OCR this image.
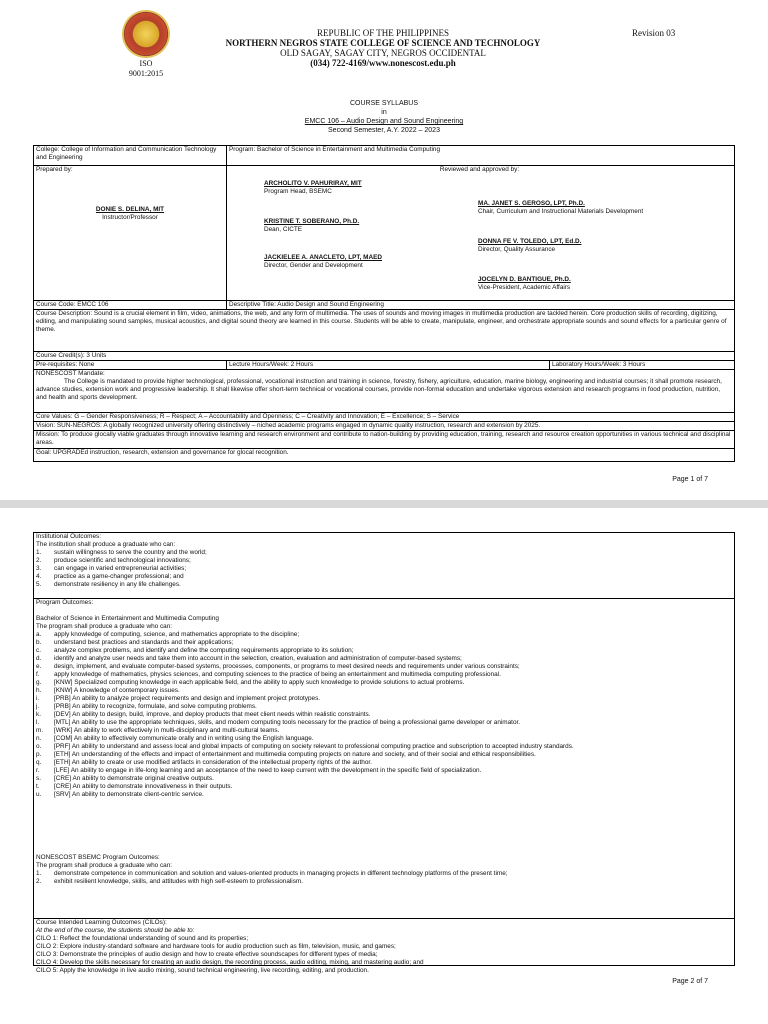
ISO 9001:2015
REPUBLIC OF THE PHILIPPINES
NORTHERN NEGROS STATE COLLEGE OF SCIENCE AND TECHNOLOGY
OLD SAGAY, SAGAY CITY, NEGROS OCCIDENTAL
(034) 722-4169/www.nonescost.edu.ph
Revision 03
COURSE SYLLABUS
in
EMCC 106 – Audio Design and Sound Engineering
Second Semester, A.Y. 2022 – 2023
College: College of Information and Communication Technology and Engineering
Program: Bachelor of Science in Entertainment and Multimedia Computing
Prepared by:
DONIE S. DELINA, MIT
Instructor/Professor
Reviewed and approved by:
ARCHOLITO V. PAHURIRAY, MIT
Program Head, BSEMC
KRISTINE T. SOBERANO, Ph.D.
Dean, CICTE
JACKIELEE A. ANACLETO, LPT, MAED
Director, Gender and Development
MA. JANET S. GEROSO, LPT, Ph.D.
Chair, Curriculum and Instructional Materials Development
DONNA FE V. TOLEDO, LPT, Ed.D.
Director, Quality Assurance
JOCELYN D. BANTIGUE, Ph.D.
Vice-President, Academic Affairs
Course Code: EMCC 106	Descriptive Title: Audio Design and Sound Engineering
Course Description: Sound is a crucial element in film, video, animations, the web, and any form of multimedia. The uses of sounds and moving images in multimedia production are tackled herein. Core production skills of recording, digitizing, editing, and manipulating sound samples, musical acoustics, and digital sound theory are learned in this course. Students will be able to create, manipulate, engineer, and orchestrate appropriate sounds and sound effects for a particular genre of theme.
Course Credit(s): 3 Units
Pre-requisites: None	Lecture Hours/Week: 2 Hours	Laboratory Hours/Week: 3 Hours
NONESCOST Mandate:
The College is mandated to provide higher technological, professional, vocational instruction and training in science, forestry, fishery, agriculture, education, marine biology, engineering and industrial courses; it shall promote research, advance studies, extension work and progressive leadership. It shall likewise offer short-term technical or vocational courses, provide non-formal education and undertake vigorous extension and research programs in food production, nutrition, and health and sports development.
Core Values: G – Gender Responsiveness; R – Respect; A – Accountability and Openness; C – Creativity and Innovation; E – Excellence; S – Service
Vision: SUN-NEGROS: A globally recognized university offering distinctively – niched academic programs engaged in dynamic quality instruction, research and extension by 2025.
Mission: To produce glocally viable graduates through innovative learning and research environment and contribute to nation-building by providing education, training, research and resource creation opportunities in various technical and disciplinal areas.
Goal: UPGRADEd instruction, research, extension and governance for glocal recognition.
Page 1 of 7
Institutional Outcomes:
The institution shall produce a graduate who can:
1.	sustain willingness to serve the country and the world;
2.	produce scientific and technological innovations;
3.	can engage in varied entrepreneurial activities;
4.	practice as a game-changer professional; and
5.	demonstrate resiliency in any life challenges.
Program Outcomes:
Bachelor of Science in Entertainment and Multimedia Computing
The program shall produce a graduate who can:
a.	apply knowledge of computing, science, and mathematics appropriate to the discipline;
b.	understand best practices and standards and their applications;
c.	analyze complex problems, and identify and define the computing requirements appropriate to its solution;
d.	identify and analyze user needs and take them into account in the selection, creation, evaluation and administration of computer-based systems;
e.	design, implement, and evaluate computer-based systems, processes, components, or programs to meet desired needs and requirements under various constraints;
f.	apply knowledge of mathematics, physics sciences, and computing sciences to the practice of being an entertainment and multimedia computing professional.
g.	[KNW] Specialized computing knowledge in each applicable field, and the ability to apply such knowledge to provide solutions to actual problems.
h.	[KNW] A knowledge of contemporary issues.
i.	[PRB] An ability to analyze project requirements and design and implement project prototypes.
j.	[PRB] An ability to recognize, formulate, and solve computing problems.
k.	[DEV] An ability to design, build, improve, and deploy products that meet client needs within realistic constraints.
l.	[MTL] An ability to use the appropriate techniques, skills, and modern computing tools necessary for the practice of being a professional game developer or animator.
m.	[WRK] An ability to work effectively in multi-disciplinary and multi-cultural teams.
n.	[COM] An ability to effectively communicate orally and in writing using the English language.
o.	[PRF] An ability to understand and assess local and global impacts of computing on society relevant to professional computing practice and subscription to accepted industry standards.
p.	[ETH] An understanding of the effects and impact of entertainment and multimedia computing projects on nature and society, and of their social and ethical responsibilities.
q.	[ETH] An ability to create or use modified artifacts in consideration of the intellectual property rights of the author.
r.	[LFE] An ability to engage in life-long learning and an acceptance of the need to keep current with the development in the specific field of specialization.
s.	[CRE] An ability to demonstrate original creative outputs.
t.	[CRE] An ability to demonstrate innovativeness in their outputs.
u.	[SRV] An ability to demonstrate client-centric service.
NONESCOST BSEMC Program Outcomes:
The program shall produce a graduate who can:
1.	demonstrate competence in communication and solution and values-oriented products in managing projects in different technology platforms of the present time;
2.	exhibit resilient knowledge, skills, and attitudes with high self-esteem to professionalism.
Course Intended Learning Outcomes (CILOs):
At the end of the course, the students should be able to:
CILO 1: Reflect the foundational understanding of sound and its properties;
CILO 2: Explore industry-standard software and hardware tools for audio production such as film, television, music, and games;
CILO 3: Demonstrate the principles of audio design and how to create effective soundscapes for different types of media;
CILO 4: Develop the skills necessary for creating an audio design, the recording process, audio editing, mixing, and mastering audio; and
CILO 5: Apply the knowledge in live audio mixing, sound technical engineering, live recording, editing, and production.
Page 2 of 7
